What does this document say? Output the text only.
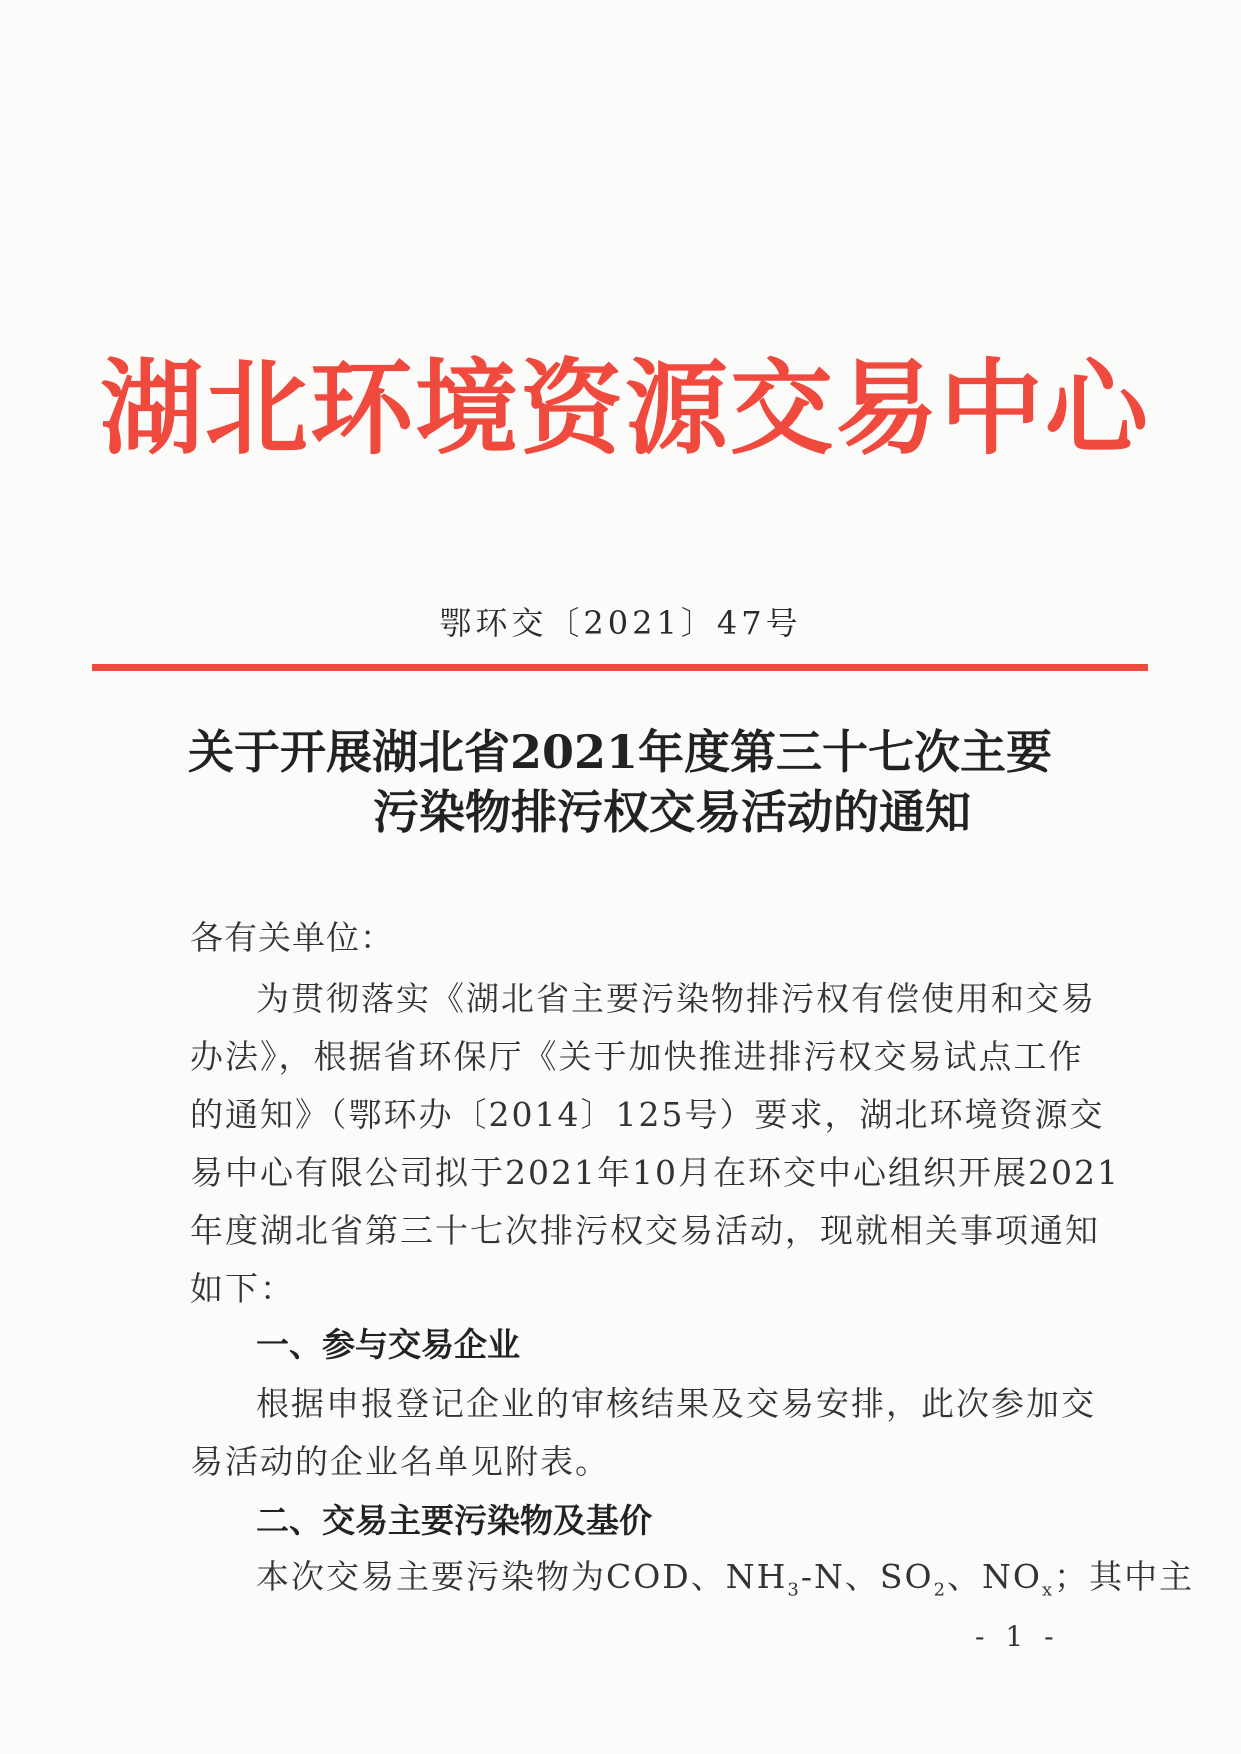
湖北环境资源交易中心
鄂环交〔2021〕47号
关于开展湖北省2021年度第三十七次主要
污染物排污权交易活动的通知
各有关单位：
为贯彻落实《湖北省主要污染物排污权有偿使用和交易
办法》，根据省环保厅《关于加快推进排污权交易试点工作
的通知》（鄂环办〔2014〕125号）要求，湖北环境资源交
易中心有限公司拟于2021年10月在环交中心组织开展2021
年度湖北省第三十七次排污权交易活动，现就相关事项通知
如下：
一、参与交易企业
根据申报登记企业的审核结果及交易安排，此次参加交
易活动的企业名单见附表。
二、交易主要污染物及基价
本次交易主要污染物为COD、$NH_3-N$、$SO_2$、$NO_x$；其中主
- 1 -
